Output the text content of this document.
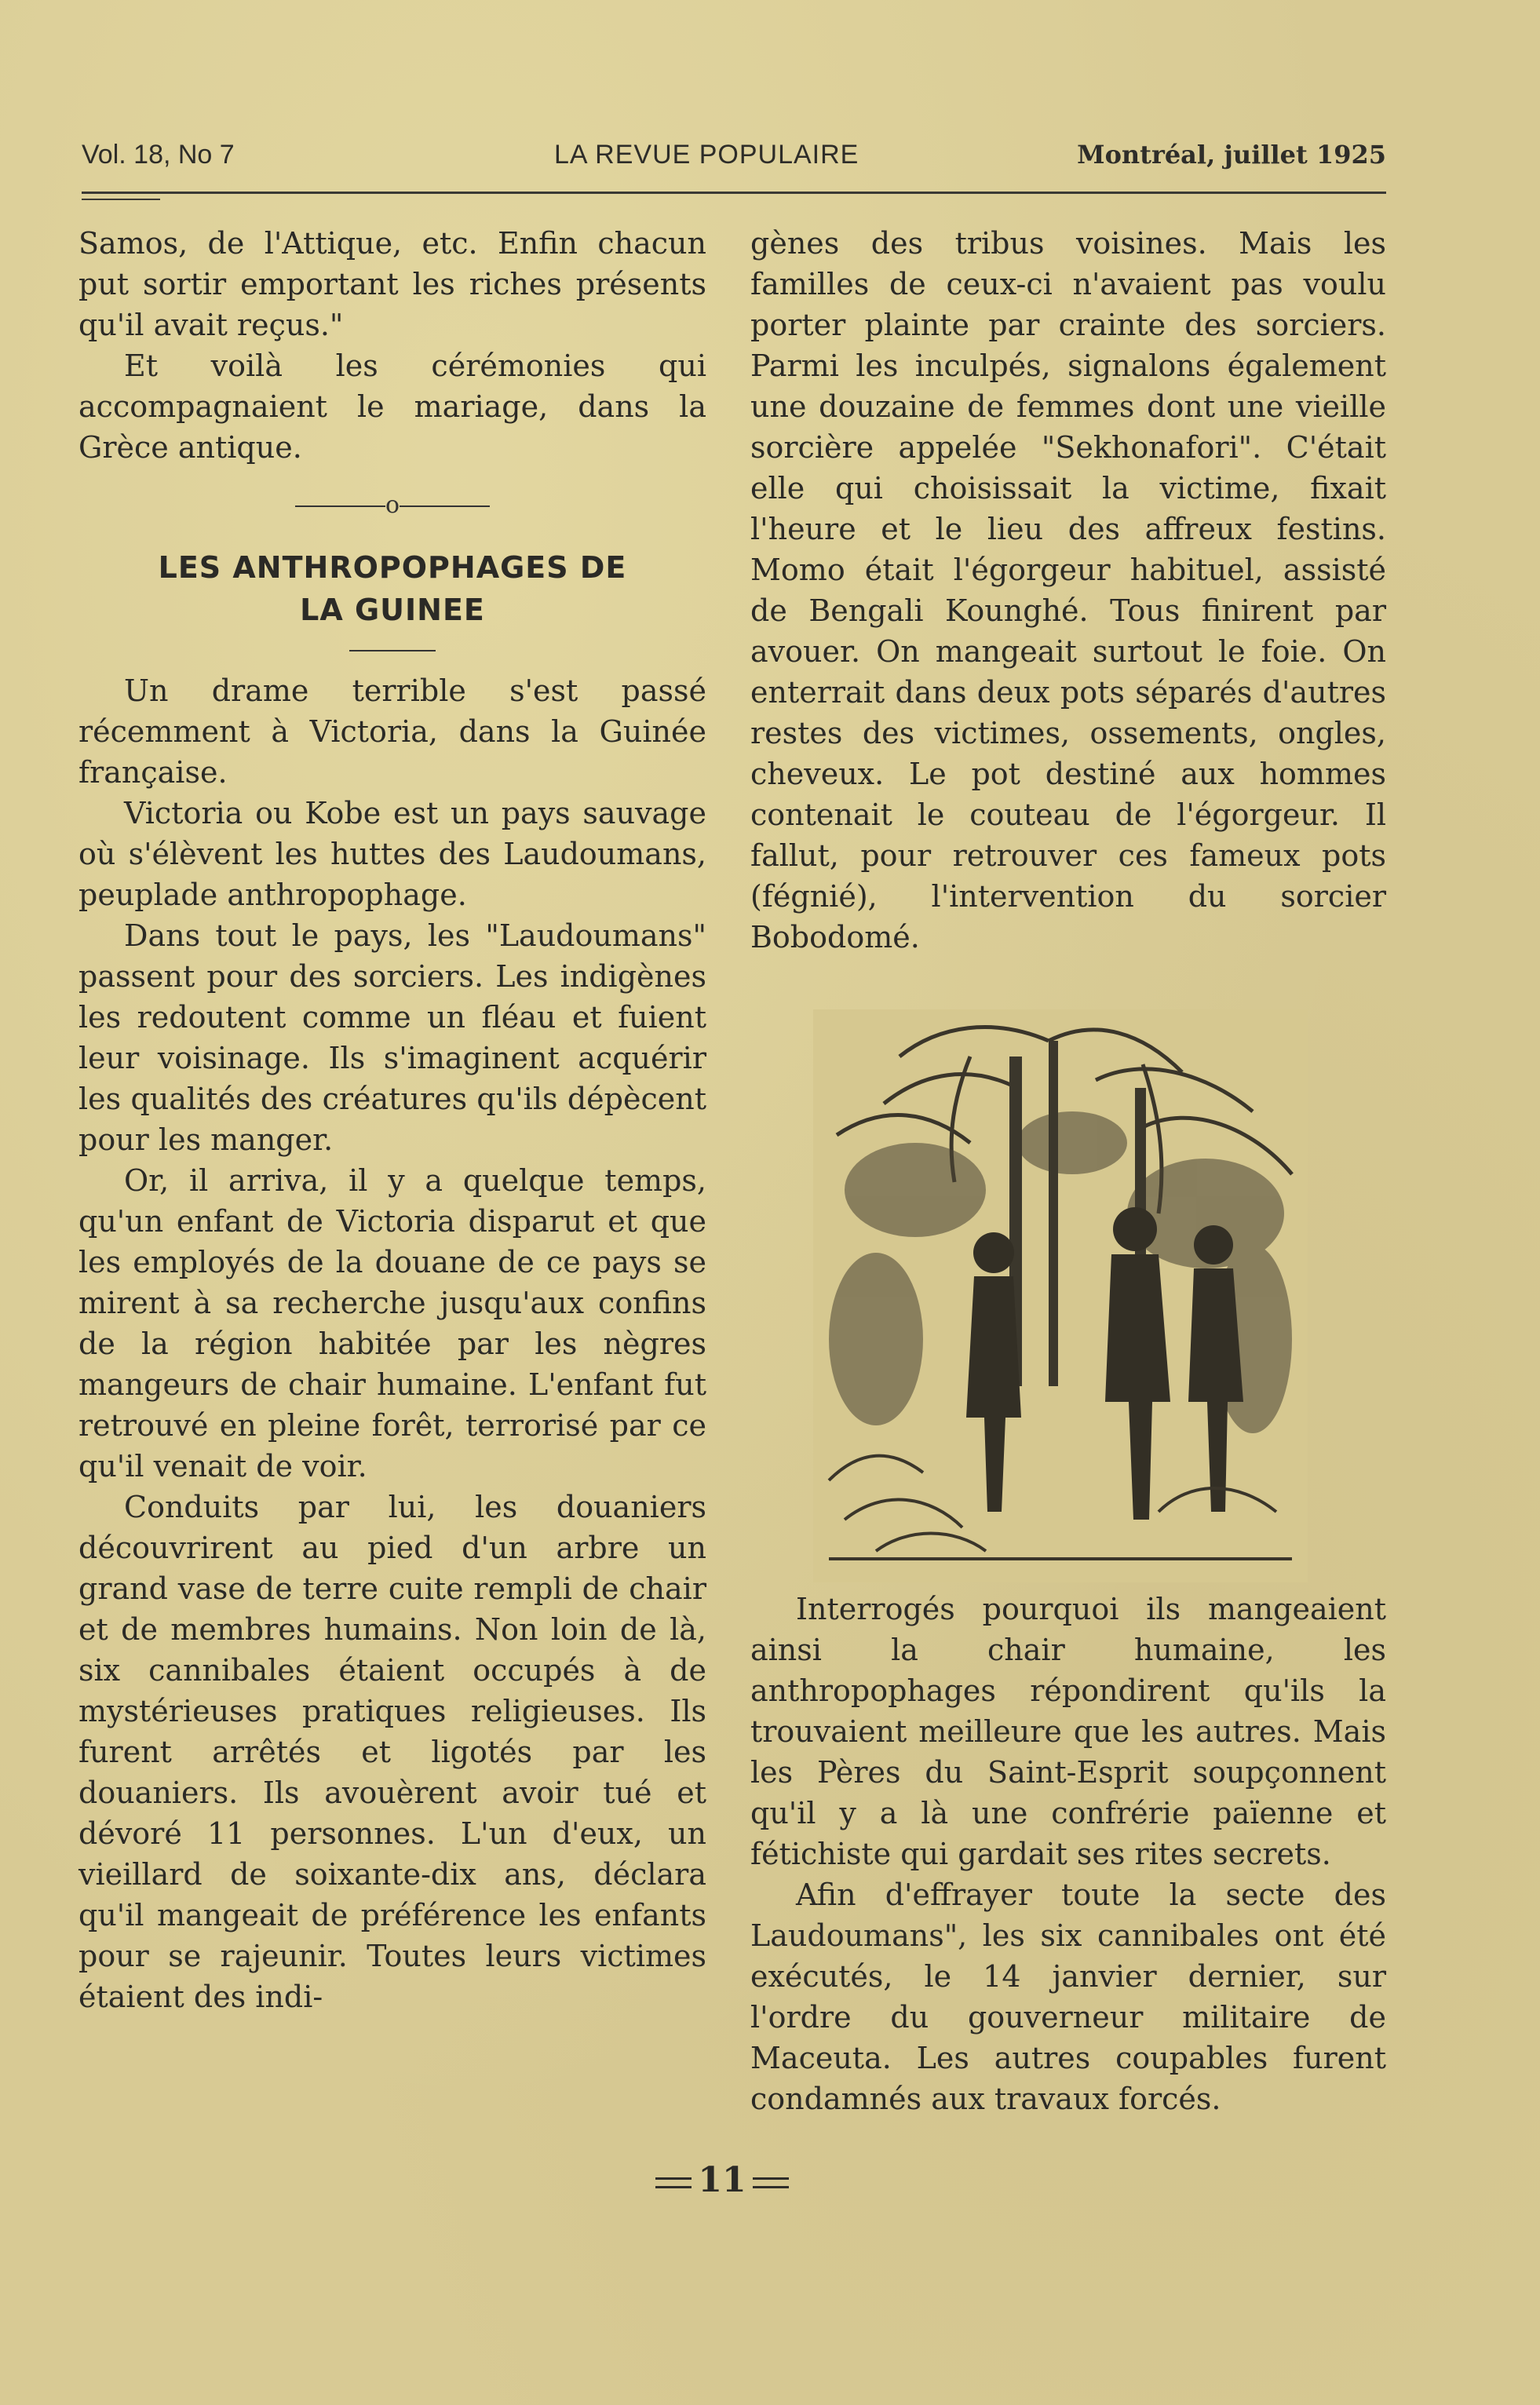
Vol. 18, No 7	LA REVUE POPULAIRE	Montréal, juillet 1925

Samos, de l'Attique, etc. Enfin chacun put sortir emportant les riches présents qu'il avait reçus."

Et voilà les cérémonies qui accompagnaient le mariage, dans la Grèce antique.

o
LES ANTHROPOPHAGES DE LA GUINEE

Un drame terrible s'est passé récemment à Victoria, dans la Guinée française.

Victoria ou Kobe est un pays sauvage où s'élèvent les huttes des Laudoumans, peuplade anthropophage.

Dans tout le pays, les "Laudoumans" passent pour des sorciers. Les indigènes les redoutent comme un fléau et fuient leur voisinage. Ils s'imaginent acquérir les qualités des créatures qu'ils dépècent pour les manger.

Or, il arriva, il y a quelque temps, qu'un enfant de Victoria disparut et que les employés de la douane de ce pays se mirent à sa recherche jusqu'aux confins de la région habitée par les nègres mangeurs de chair humaine. L'enfant fut retrouvé en pleine forêt, terrorisé par ce qu'il venait de voir.

Conduits par lui, les douaniers découvrirent au pied d'un arbre un grand vase de terre cuite rempli de chair et de membres humains. Non loin de là, six cannibales étaient occupés à de mystérieuses pratiques religieuses. Ils furent arrêtés et ligotés par les douaniers. Ils avouèrent avoir tué et dévoré 11 personnes. L'un d'eux, un vieillard de soixante-dix ans, déclara qu'il mangeait de préférence les enfants pour se rajeunir. Toutes leurs victimes étaient des indi-

gènes des tribus voisines. Mais les familles de ceux-ci n'avaient pas voulu porter plainte par crainte des sorciers. Parmi les inculpés, signalons également une douzaine de femmes dont une vieille sorcière appelée "Sekhonafori". C'était elle qui choisissait la victime, fixait l'heure et le lieu des affreux festins. Momo était l'égorgeur habituel, assisté de Bengali Kounghé. Tous finirent par avouer. On mangeait surtout le foie. On enterrait dans deux pots séparés d'autres restes des victimes, ossements, ongles, cheveux. Le pot destiné aux hommes contenait le couteau de l'égorgeur. Il fallut, pour retrouver ces fameux pots (fégnié), l'intervention du sorcier Bobodomé.

Interrogés pourquoi ils mangeaient ainsi la chair humaine, les anthropophages répondirent qu'ils la trouvaient meilleure que les autres. Mais les Pères du Saint-Esprit soupçonnent qu'il y a là une confrérie païenne et fétichiste qui gardait ses rites secrets.

Afin d'effrayer toute la secte des Laudoumans", les six cannibales ont été exécutés, le 14 janvier dernier, sur l'ordre du gouverneur militaire de Maceuta. Les autres coupables furent condamnés aux travaux forcés.

11
